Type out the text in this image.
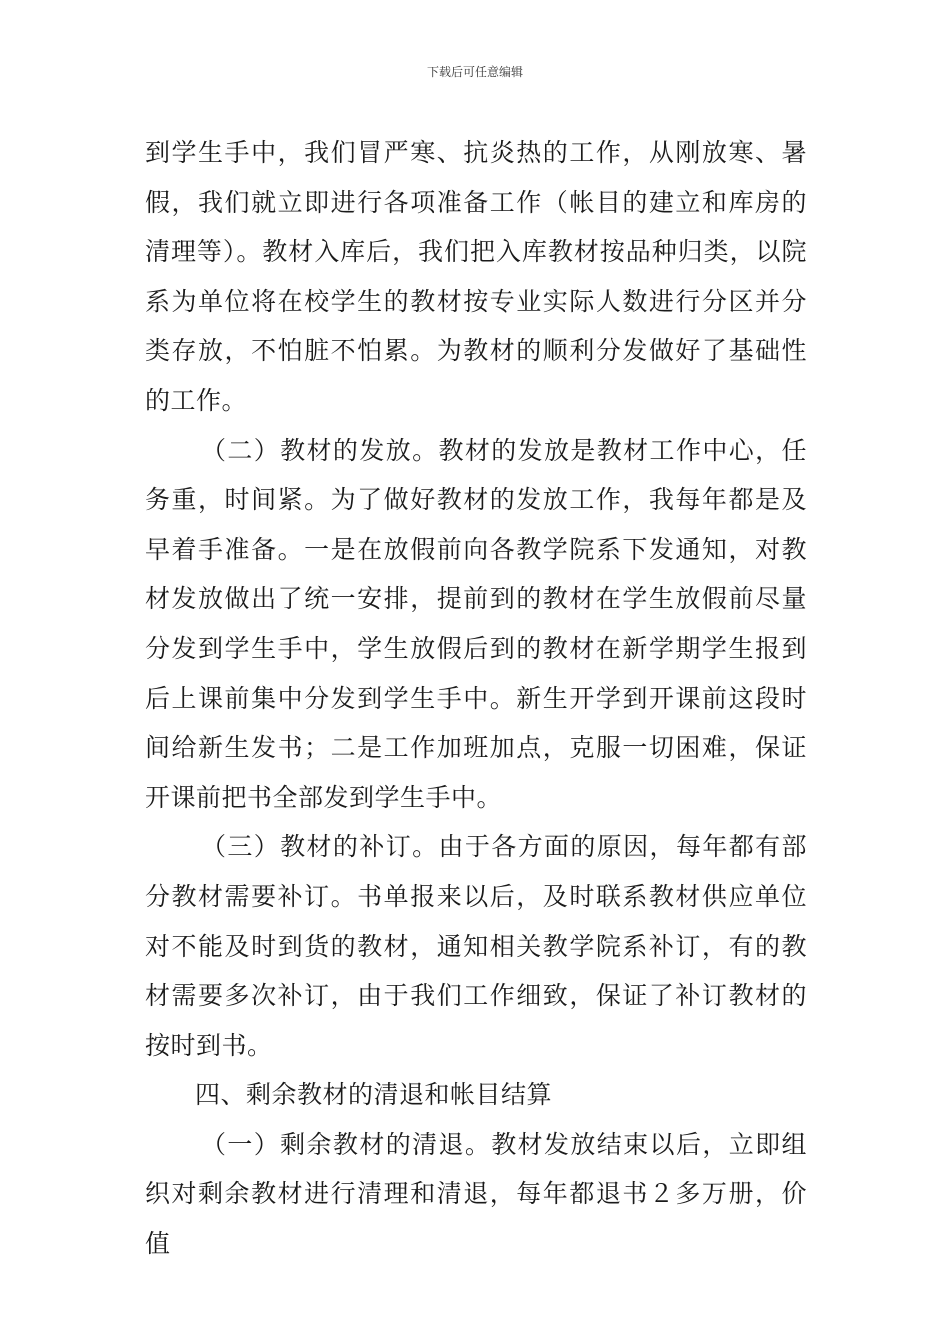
下载后可任意编辑

到学生手中，我们冒严寒、抗炎热的工作，从刚放寒、暑假，我们就立即进行各项准备工作（帐目的建立和库房的清理等）。教材入库后，我们把入库教材按品种归类，以院系为单位将在校学生的教材按专业实际人数进行分区并分类存放，不怕脏不怕累。为教材的顺利分发做好了基础性的工作。

（二）教材的发放。教材的发放是教材工作中心，任务重，时间紧。为了做好教材的发放工作，我每年都是及早着手准备。一是在放假前向各教学院系下发通知，对教材发放做出了统一安排，提前到的教材在学生放假前尽量分发到学生手中，学生放假后到的教材在新学期学生报到后上课前集中分发到学生手中。新生开学到开课前这段时间给新生发书；二是工作加班加点，克服一切困难，保证开课前把书全部发到学生手中。

（三）教材的补订。由于各方面的原因，每年都有部分教材需要补订。书单报来以后，及时联系教材供应单位对不能及时到货的教材，通知相关教学院系补订，有的教材需要多次补订，由于我们工作细致，保证了补订教材的按时到书。

四、剩余教材的清退和帐目结算

（一）剩余教材的清退。教材发放结束以后，立即组织对剩余教材进行清理和清退，每年都退书２多万册，价值
